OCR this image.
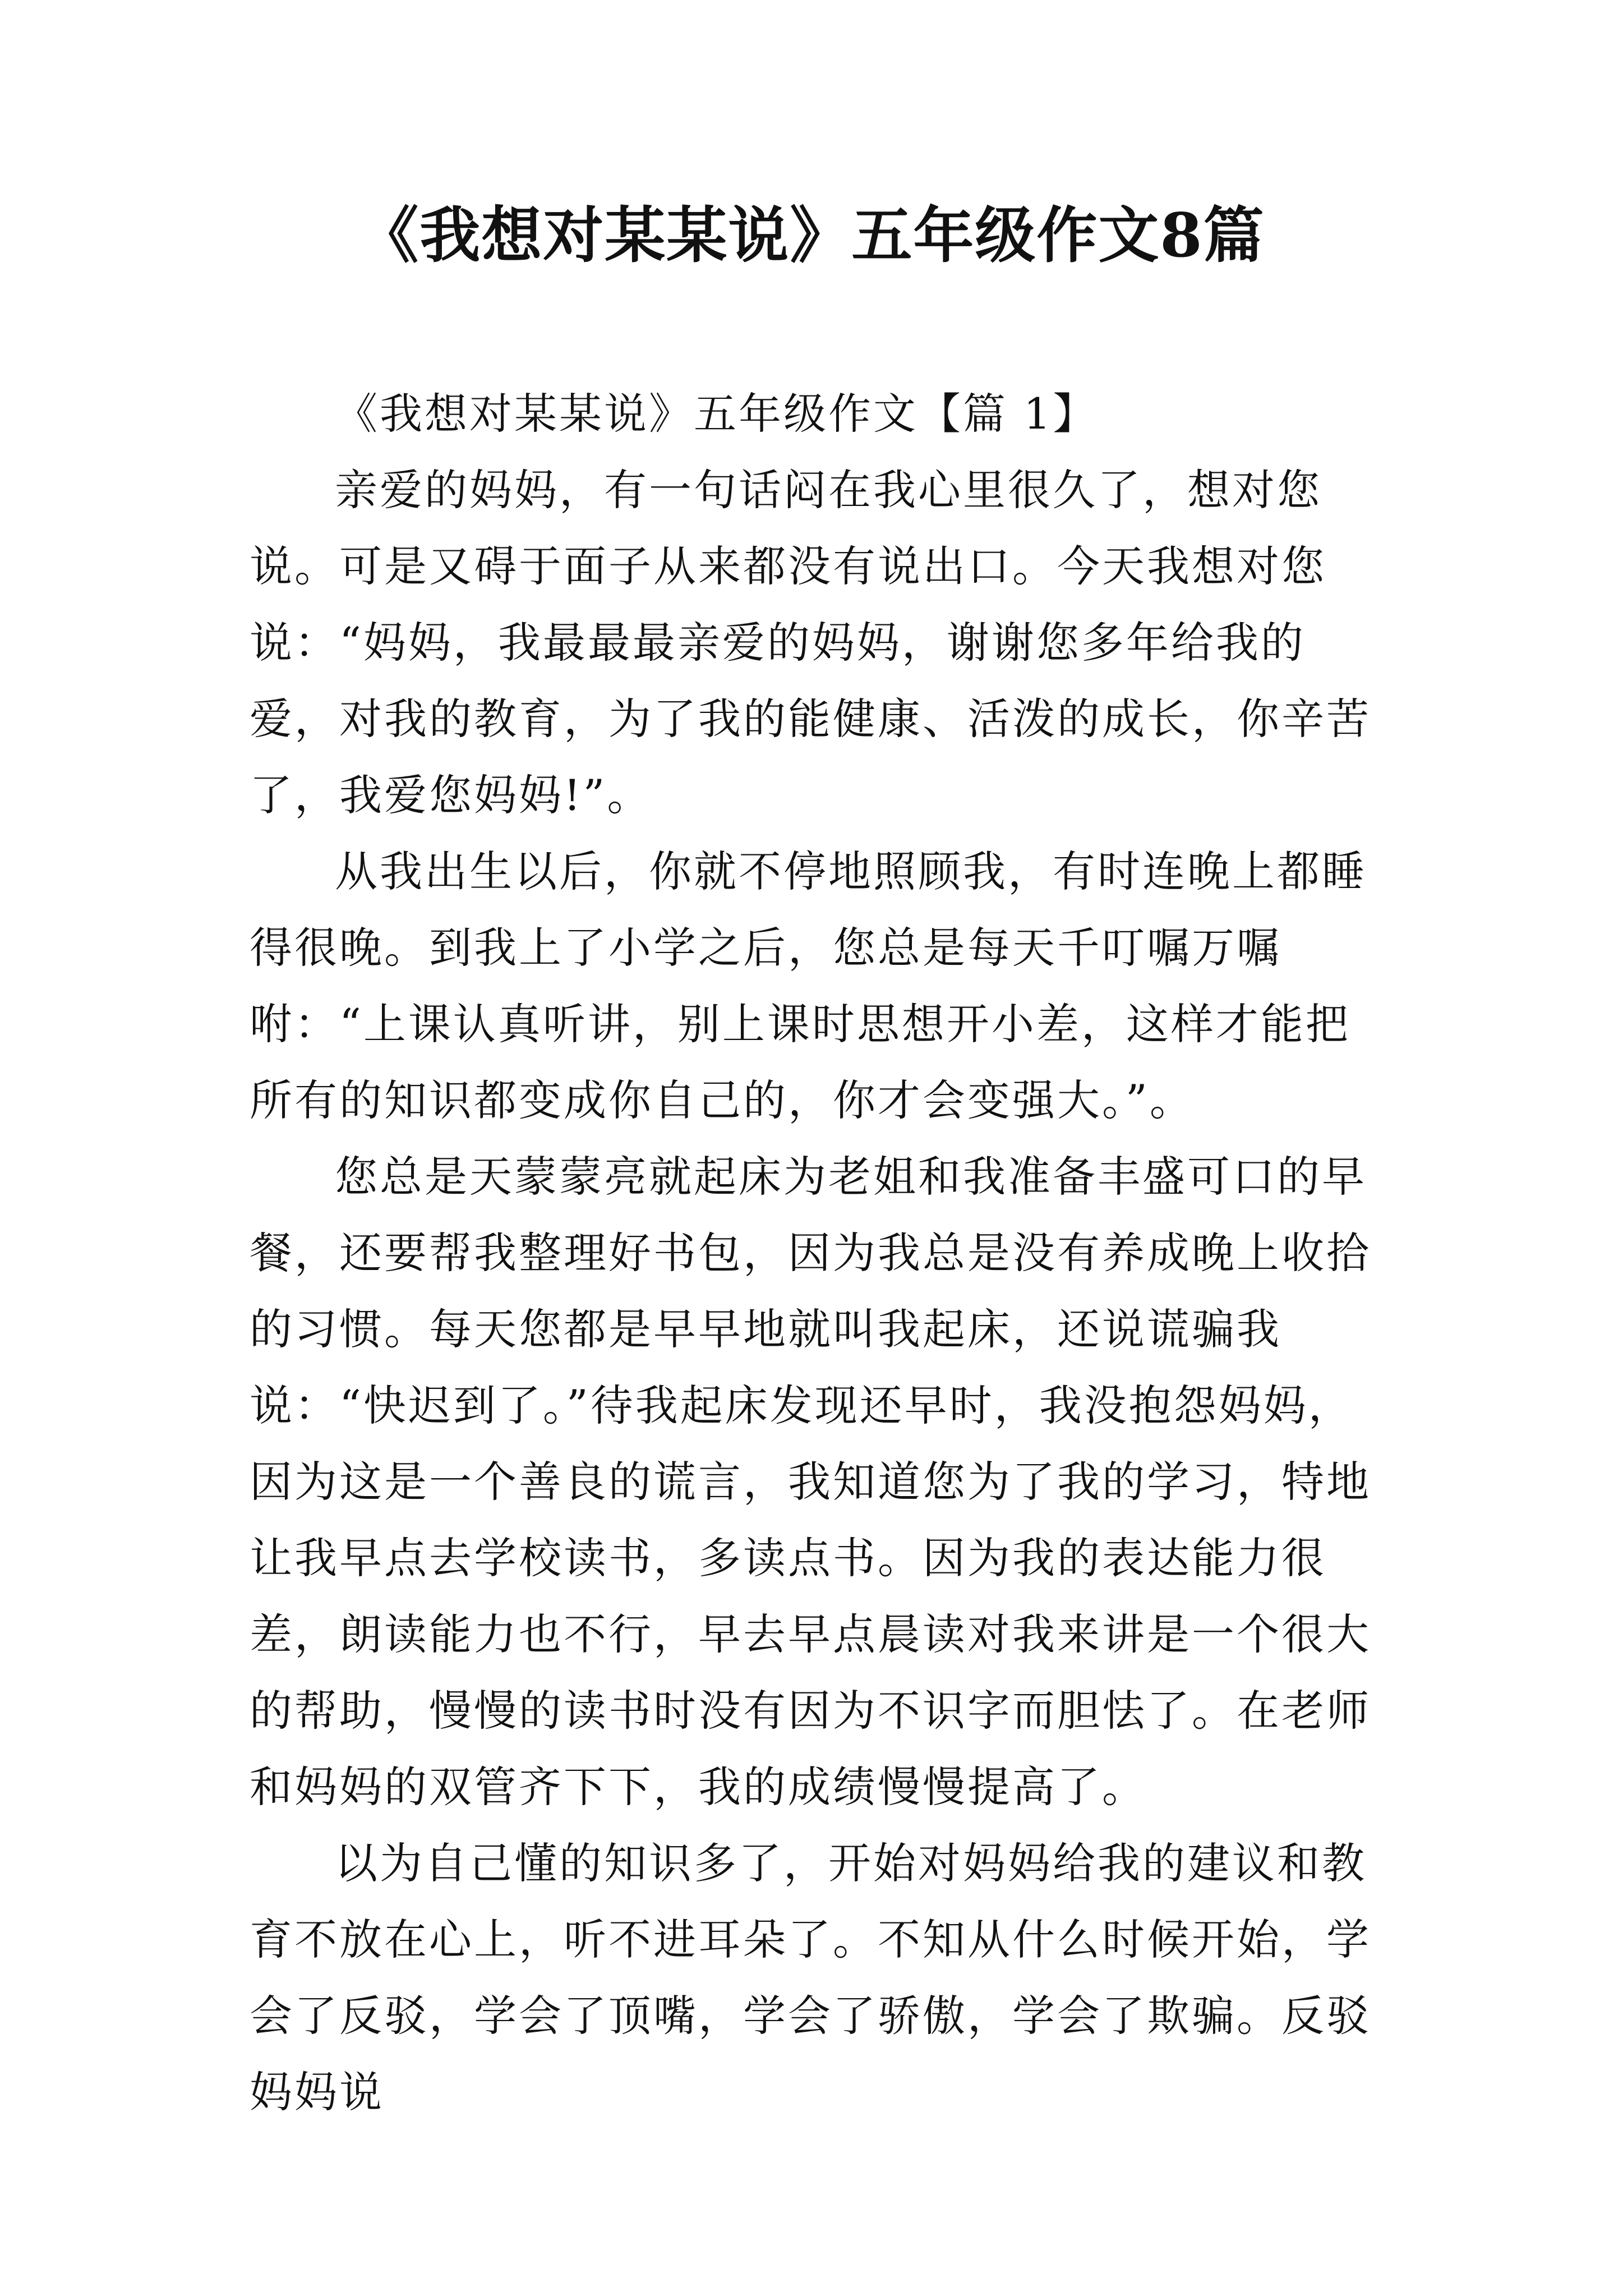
《我想对某某说》五年级作文8篇

《我想对某某说》五年级作文【篇 1】

亲爱的妈妈，有一句话闷在我心里很久了，想对您说。可是又碍于面子从来都没有说出口。今天我想对您说：“妈妈，我最最最亲爱的妈妈，谢谢您多年给我的爱，对我的教育，为了我的能健康、活泼的成长，你辛苦了，我爱您妈妈!”。

从我出生以后，你就不停地照顾我，有时连晚上都睡得很晚。到我上了小学之后，您总是每天千叮嘱万嘱咐：“上课认真听讲，别上课时思想开小差，这样才能把所有的知识都变成你自己的，你才会变强大。”。

您总是天蒙蒙亮就起床为老姐和我准备丰盛可口的早餐，还要帮我整理好书包，因为我总是没有养成晚上收拾的习惯。每天您都是早早地就叫我起床，还说谎骗我说：“快迟到了。”待我起床发现还早时，我没抱怨妈妈，因为这是一个善良的谎言，我知道您为了我的学习，特地让我早点去学校读书，多读点书。因为我的表达能力很差，朗读能力也不行，早去早点晨读对我来讲是一个很大的帮助，慢慢的读书时没有因为不识字而胆怯了。在老师和妈妈的双管齐下下，我的成绩慢慢提高了。

以为自己懂的知识多了，开始对妈妈给我的建议和教育不放在心上，听不进耳朵了。不知从什么时候开始，学会了反驳，学会了顶嘴，学会了骄傲，学会了欺骗。反驳妈妈说
